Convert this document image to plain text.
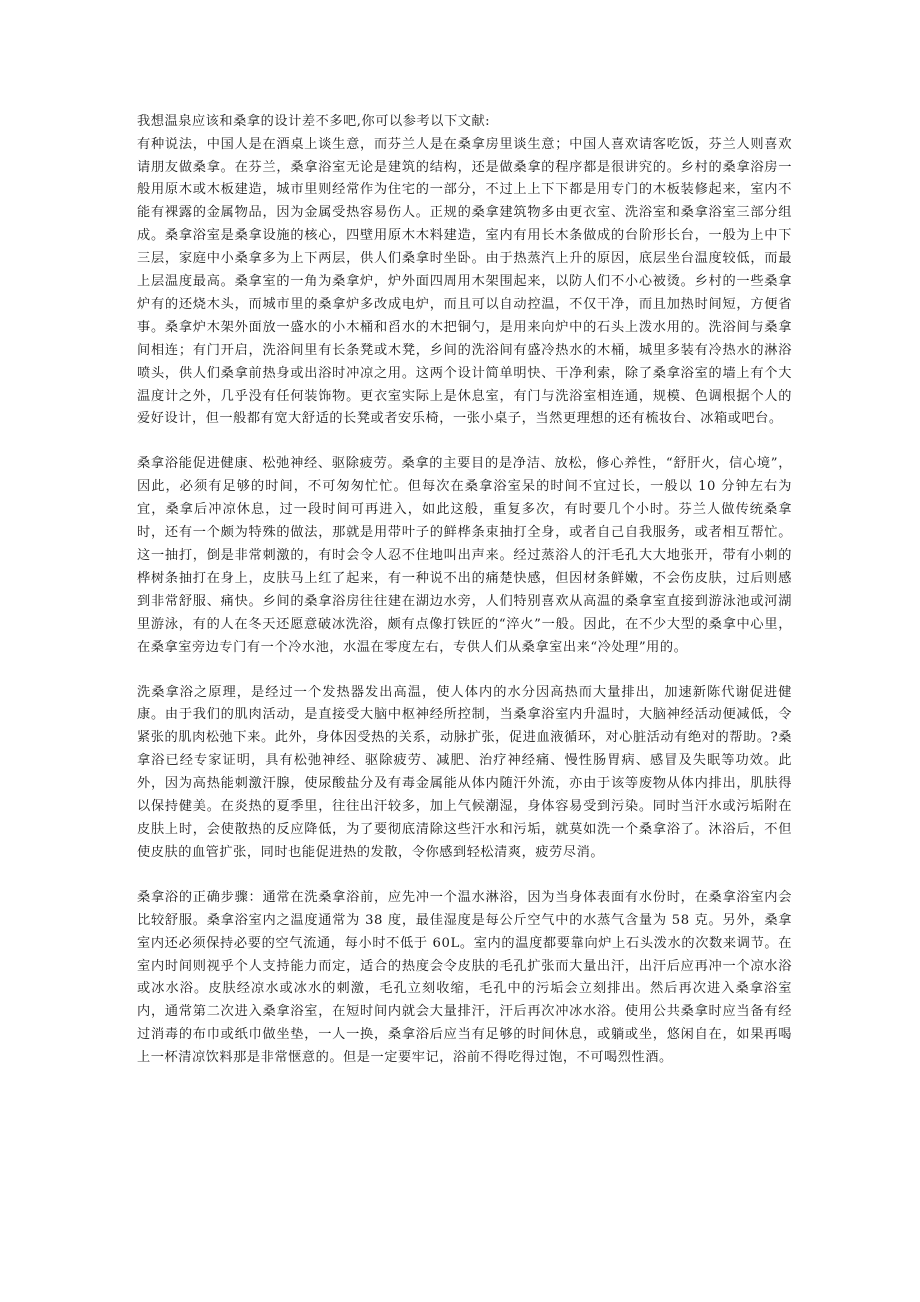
我想温泉应该和桑拿的设计差不多吧,你可以参考以下文献:

有种说法，中国人是在酒桌上谈生意，而芬兰人是在桑拿房里谈生意；中国人喜欢请客吃饭，芬兰人则喜欢请朋友做桑拿。在芬兰，桑拿浴室无论是建筑的结构，还是做桑拿的程序都是很讲究的。乡村的桑拿浴房一般用原木或木板建造，城市里则经常作为住宅的一部分，不过上上下下都是用专门的木板装修起来，室内不能有裸露的金属物品，因为金属受热容易伤人。正规的桑拿建筑物多由更衣室、洗浴室和桑拿浴室三部分组成。桑拿浴室是桑拿设施的核心，四壁用原木木料建造，室内有用长木条做成的台阶形长台，一般为上中下三层，家庭中小桑拿多为上下两层，供人们桑拿时坐卧。由于热蒸汽上升的原因，底层坐台温度较低，而最上层温度最高。桑拿室的一角为桑拿炉，炉外面四周用木架围起来，以防人们不小心被烫。乡村的一些桑拿炉有的还烧木头，而城市里的桑拿炉多改成电炉，而且可以自动控温，不仅干净，而且加热时间短，方便省事。桑拿炉木架外面放一盛水的小木桶和舀水的木把铜勺，是用来向炉中的石头上泼水用的。洗浴间与桑拿间相连；有门开启，洗浴间里有长条凳或木凳，乡间的洗浴间有盛冷热水的木桶，城里多装有冷热水的淋浴喷头，供人们桑拿前热身或出浴时冲凉之用。这两个设计简单明快、干净利索，除了桑拿浴室的墙上有个大温度计之外，几乎没有任何装饰物。更衣室实际上是休息室，有门与洗浴室相连通，规模、色调根据个人的爱好设计，但一般都有宽大舒适的长凳或者安乐椅，一张小桌子，当然更理想的还有梳妆台、冰箱或吧台。

桑拿浴能促进健康、松弛神经、驱除疲劳。桑拿的主要目的是净洁、放松，修心养性，“舒肝火，信心境”，因此，必须有足够的时间，不可匆匆忙忙。但每次在桑拿浴室呆的时间不宜过长，一般以 10 分钟左右为宜，桑拿后冲凉休息，过一段时间可再进入，如此这般，重复多次，有时要几个小时。芬兰人做传统桑拿时，还有一个颇为特殊的做法，那就是用带叶子的鲜桦条束抽打全身，或者自己自我服务，或者相互帮忙。这一抽打，倒是非常刺激的，有时会令人忍不住地叫出声来。经过蒸浴人的汗毛孔大大地张开，带有小刺的桦树条抽打在身上，皮肤马上红了起来，有一种说不出的痛楚快感，但因材条鲜嫩，不会伤皮肤，过后则感到非常舒服、痛快。乡间的桑拿浴房往往建在湖边水旁，人们特别喜欢从高温的桑拿室直接到游泳池或河湖里游泳，有的人在冬天还愿意破冰洗浴，颇有点像打铁匠的“淬火”一般。因此，在不少大型的桑拿中心里，在桑拿室旁边专门有一个冷水池，水温在零度左右，专供人们从桑拿室出来“冷处理”用的。

洗桑拿浴之原理，是经过一个发热器发出高温，使人体内的水分因高热而大量排出，加速新陈代谢促进健康。由于我们的肌肉活动，是直接受大脑中枢神经所控制，当桑拿浴室内升温时，大脑神经活动便减低，令紧张的肌肉松弛下来。此外，身体因受热的关系，动脉扩张，促进血液循环，对心脏活动有绝对的帮助。?桑拿浴已经专家证明，具有松弛神经、驱除疲劳、减肥、治疗神经痛、慢性肠胃病、感冒及失眠等功效。此外，因为高热能刺激汗腺，使尿酸盐分及有毒金属能从体内随汗外流，亦由于该等废物从体内排出，肌肤得以保持健美。在炎热的夏季里，往往出汗较多，加上气候潮湿，身体容易受到污染。同时当汗水或污垢附在皮肤上时，会使散热的反应降低，为了要彻底清除这些汗水和污垢，就莫如洗一个桑拿浴了。沐浴后，不但使皮肤的血管扩张，同时也能促进热的发散，令你感到轻松清爽，疲劳尽消。

桑拿浴的正确步骤：通常在洗桑拿浴前，应先冲一个温水淋浴，因为当身体表面有水份时，在桑拿浴室内会比较舒服。桑拿浴室内之温度通常为 38 度，最佳湿度是每公斤空气中的水蒸气含量为 58 克。另外，桑拿室内还必须保持必要的空气流通，每小时不低于 60L。室内的温度都要靠向炉上石头泼水的次数来调节。在室内时间则视乎个人支持能力而定，适合的热度会令皮肤的毛孔扩张而大量出汗，出汗后应再冲一个凉水浴或冰水浴。皮肤经凉水或冰水的刺激，毛孔立刻收缩，毛孔中的污垢会立刻排出。然后再次进入桑拿浴室内，通常第二次进入桑拿浴室，在短时间内就会大量排汗，汗后再次冲冰水浴。使用公共桑拿时应当备有经过消毒的布巾或纸巾做坐垫，一人一换，桑拿浴后应当有足够的时间休息，或躺或坐，悠闲自在，如果再喝上一杯清凉饮料那是非常惬意的。但是一定要牢记，浴前不得吃得过饱，不可喝烈性酒。
